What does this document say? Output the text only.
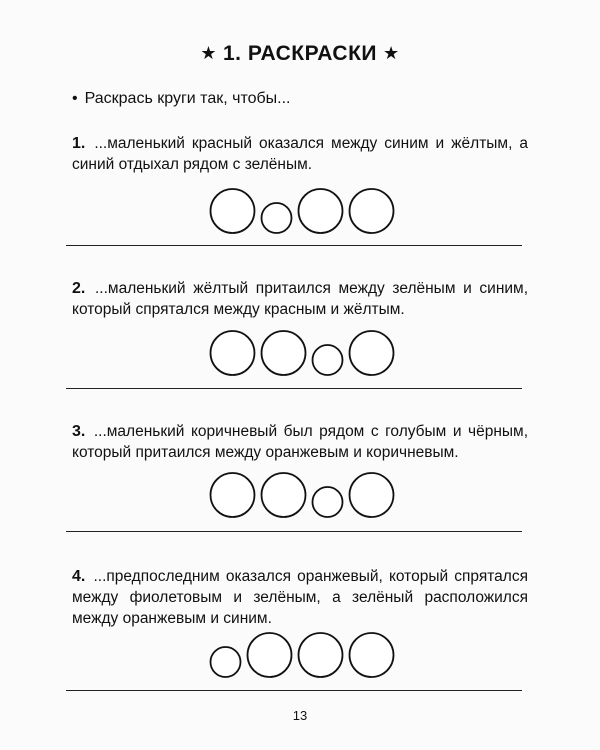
★ 1. РАСКРАСКИ ★
• Раскрась круги так, чтобы...

1. ...маленький красный оказался между синим и жёлтым, а синий отдыхал рядом с зелёным.

2. ...маленький жёлтый притаился между зелёным и синим, который спрятался между красным и жёлтым.

3. ...маленький коричневый был рядом с голубым и чёрным, который притаился между оранжевым и коричневым.

4. ...предпоследним оказался оранжевый, который спрятался между фиолетовым и зелёным, а зелёный расположился между оранжевым и синим.

13
